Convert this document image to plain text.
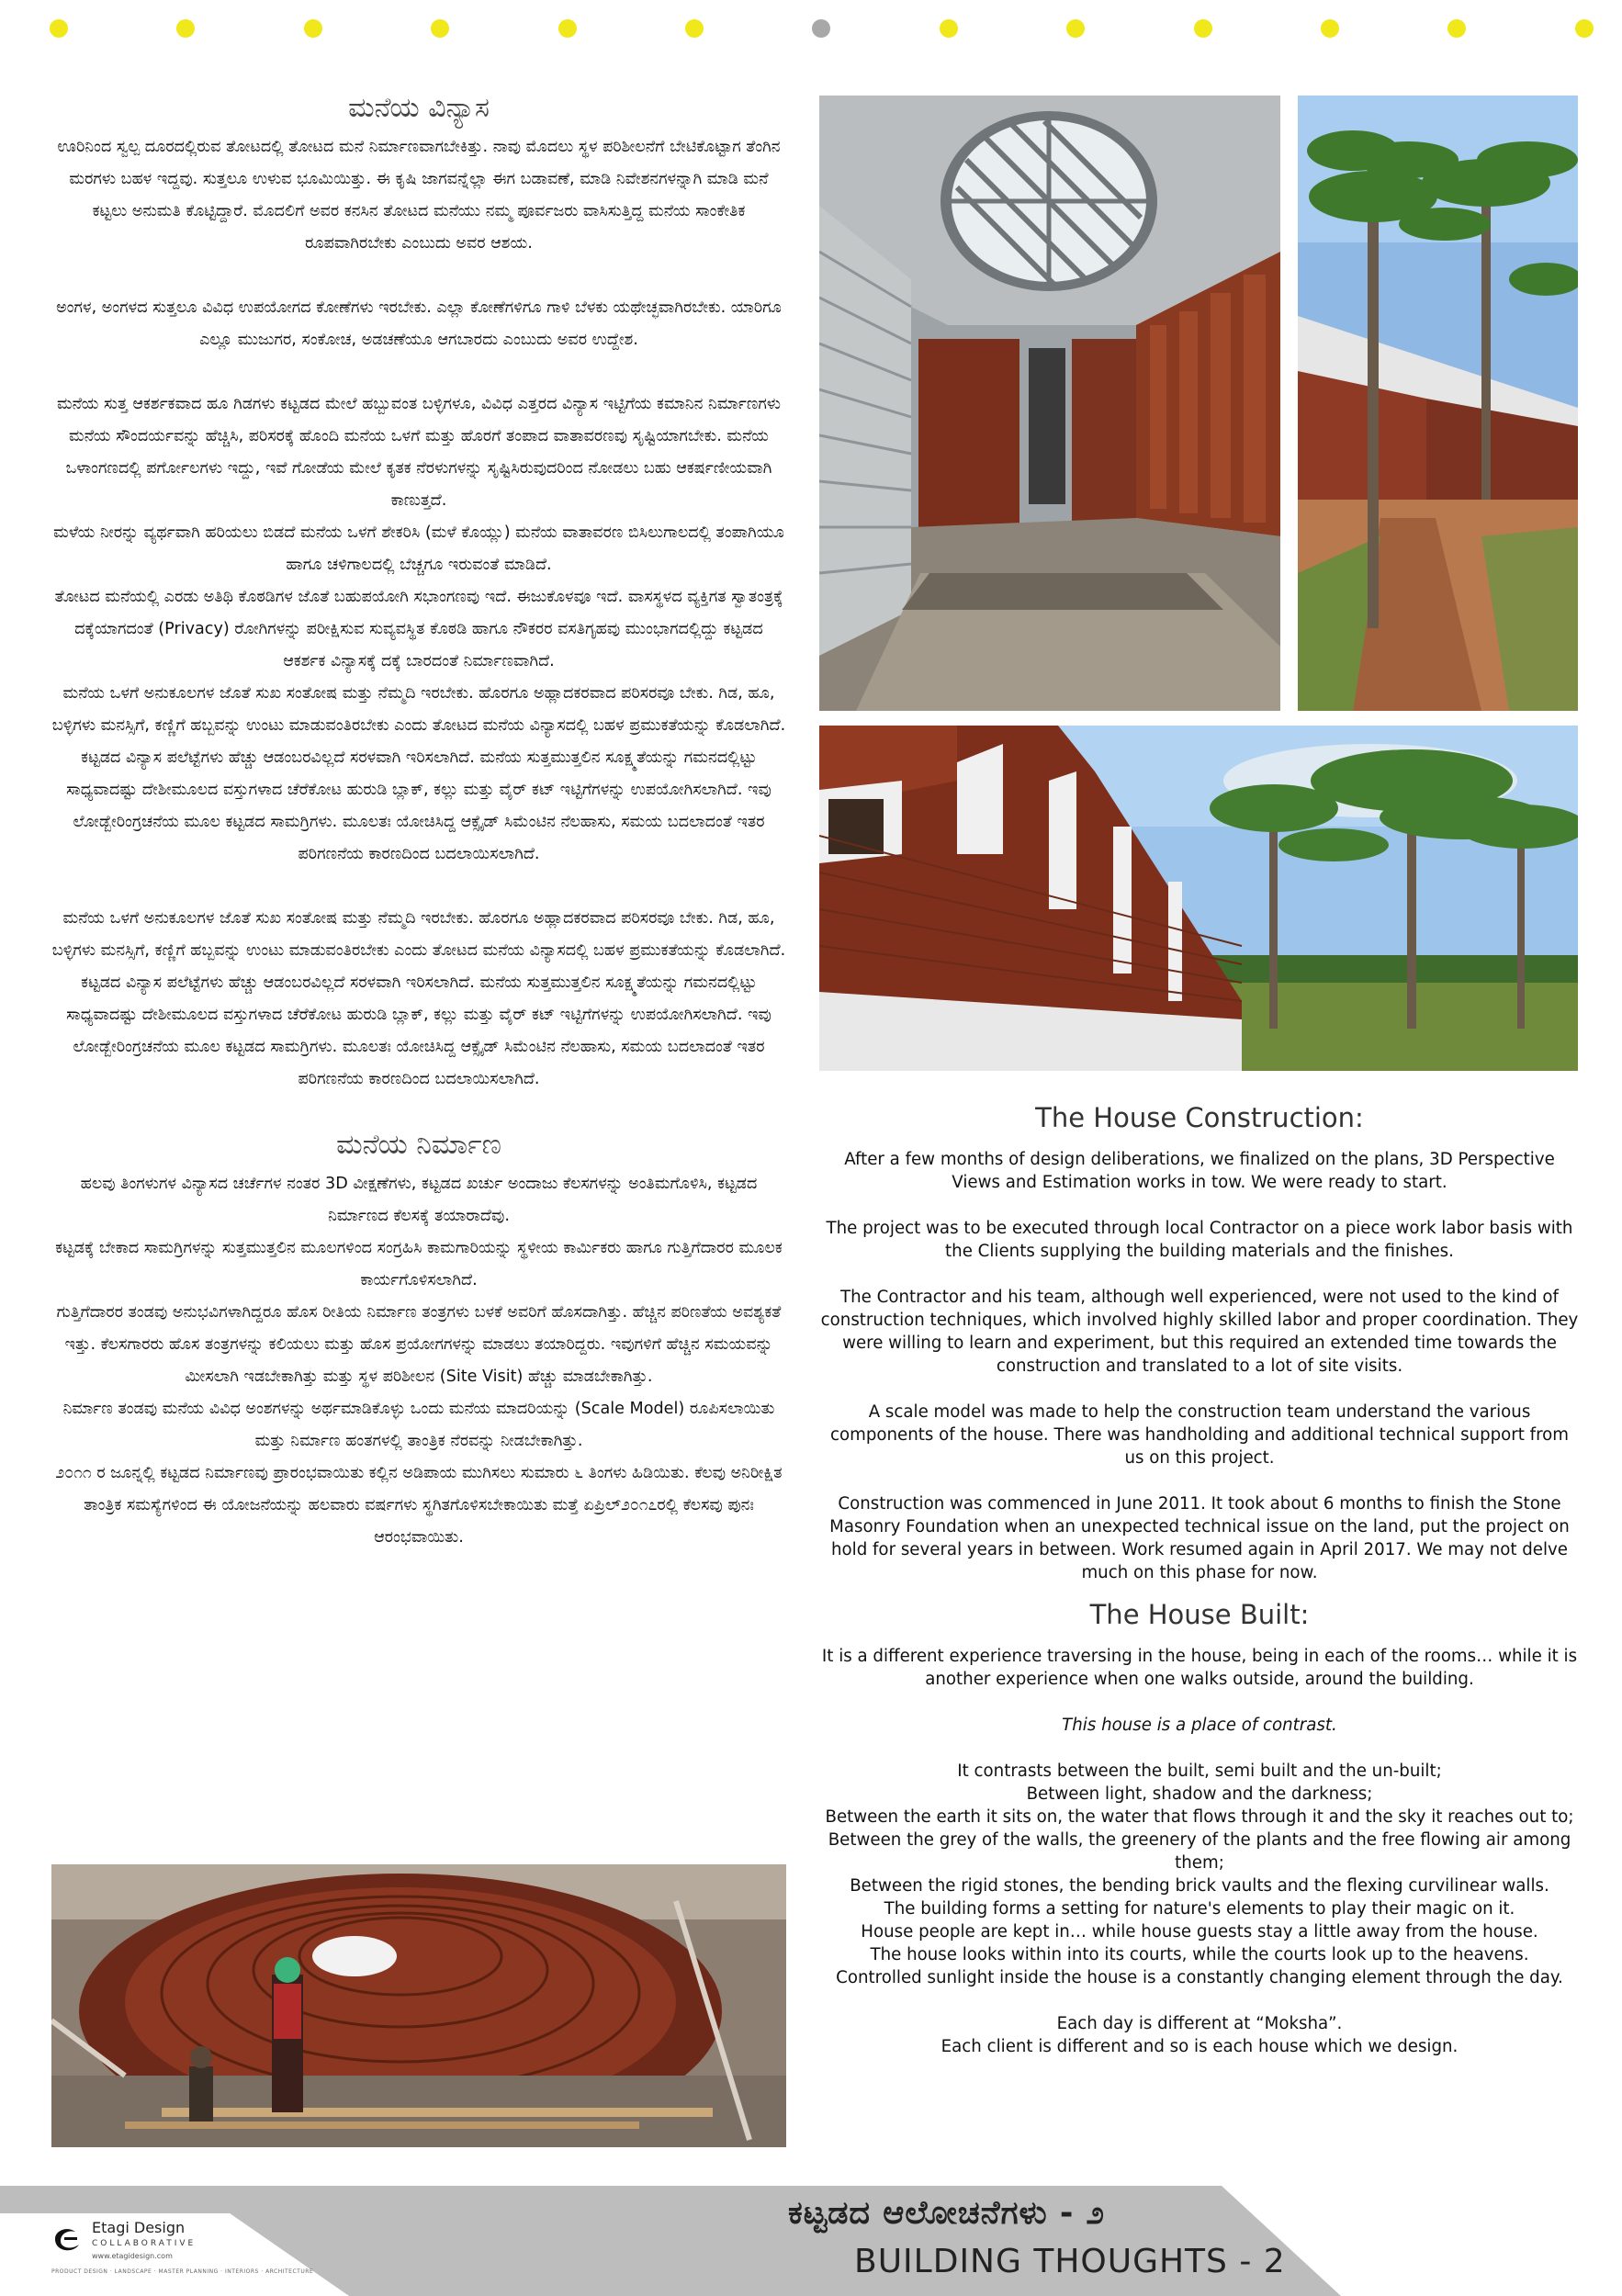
ಮನೆಯ ವಿನ್ಯಾಸ

ಊರಿನಿಂದ ಸ್ವಲ್ಪ ದೂರದಲ್ಲಿರುವ ತೋಟದಲ್ಲಿ ತೋಟದ ಮನೆ ನಿರ್ಮಾಣವಾಗಬೇಕಿತ್ತು. ನಾವು ಮೊದಲು ಸ್ಥಳ ಪರಿಶೀಲನೆಗೆ ಬೇಟಿಕೊಟ್ಟಾಗ ತೆಂಗಿನ ಮರಗಳು ಬಹಳ ಇದ್ದವು. ಸುತ್ತಲೂ ಉಳುವ ಭೂಮಿಯಿತ್ತು. ಈ ಕೃಷಿ ಜಾಗವನ್ನೆಲ್ಲಾ ಈಗ ಬಡಾವಣೆ, ಮಾಡಿ ನಿವೇಶನಗಳನ್ನಾಗಿ ಮಾಡಿ ಮನೆ ಕಟ್ಟಲು ಅನುಮತಿ ಕೊಟ್ಟಿದ್ದಾರೆ. ಮೊದಲಿಗೆ ಅವರ ಕನಸಿನ ತೋಟದ ಮನೆಯು ನಮ್ಮ ಪೂರ್ವಜರು ವಾಸಿಸುತ್ತಿದ್ದ ಮನೆಯ ಸಾಂಕೇತಿಕ ರೂಪವಾಗಿರಬೇಕು ಎಂಬುದು ಅವರ ಆಶಯ.

ಅಂಗಳ, ಅಂಗಳದ ಸುತ್ತಲೂ ವಿವಿಧ ಉಪಯೋಗದ ಕೋಣೆಗಳು ಇರಬೇಕು. ಎಲ್ಲಾ ಕೋಣೆಗಳಿಗೂ ಗಾಳಿ ಬೆಳಕು ಯಥೇಚ್ಛವಾಗಿರಬೇಕು. ಯಾರಿಗೂ ಎಲ್ಲೂ ಮುಜುಗರ, ಸಂಕೋಚ, ಅಡಚಣೆಯೂ ಆಗಬಾರದು ಎಂಬುದು ಅವರ ಉದ್ದೇಶ.

ಮನೆಯ ಸುತ್ತ ಆಕರ್ಶಕವಾದ ಹೂ ಗಿಡಗಳು ಕಟ್ಟಡದ ಮೇಲೆ ಹಬ್ಬುವಂತ ಬಳ್ಳಿಗಳೂ, ವಿವಿಧ ಎತ್ತರದ ವಿನ್ಯಾಸ ಇಟ್ಟಿಗೆಯ ಕಮಾನಿನ ನಿರ್ಮಾಣಗಳು ಮನೆಯ ಸೌಂದರ್ಯವನ್ನು ಹೆಚ್ಚಿಸಿ, ಪರಿಸರಕ್ಕೆ ಹೊಂದಿ ಮನೆಯ ಒಳಗೆ ಮತ್ತು ಹೊರಗೆ ತಂಪಾದ ವಾತಾವರಣವು ಸೃಷ್ಟಿಯಾಗಬೇಕು. ಮನೆಯ ಒಳಾಂಗಣದಲ್ಲಿ ಪರ್ಗೋಲಗಳು ಇದ್ದು, ಇವೆ ಗೋಡೆಯ ಮೇಲೆ ಕೃತಕ ನೆರಳುಗಳನ್ನು ಸೃಷ್ಟಿಸಿರುವುದರಿಂದ ನೋಡಲು ಬಹು ಆಕರ್ಷಣೀಯವಾಗಿ ಕಾಣುತ್ತದೆ.

ಮಳೆಯ ನೀರನ್ನು ವ್ಯರ್ಥವಾಗಿ ಹರಿಯಲು ಬಿಡದೆ ಮನೆಯ ಒಳಗೆ ಶೇಕರಿಸಿ (ಮಳೆ ಕೊಯ್ಲು) ಮನೆಯ ವಾತಾವರಣ ಬಿಸಿಲುಗಾಲದಲ್ಲಿ ತಂಪಾಗಿಯೂ ಹಾಗೂ ಚಳಿಗಾಲದಲ್ಲಿ ಬೆಚ್ಚಗೂ ಇರುವಂತೆ ಮಾಡಿದೆ.

ತೋಟದ ಮನೆಯಲ್ಲಿ ಎರಡು ಅತಿಥಿ ಕೊಠಡಿಗಳ ಜೊತೆ ಬಹುಪಯೋಗಿ ಸಭಾಂಗಣವು ಇದೆ. ಈಜುಕೊಳವೂ ಇದೆ. ವಾಸಸ್ಥಳದ ವ್ಯಕ್ತಿಗತ ಸ್ವಾತಂತ್ರಕ್ಕೆ ದಕ್ಕೆಯಾಗದಂತೆ (Privacy) ರೋಗಿಗಳನ್ನು ಪರೀಕ್ಷಿಸುವ ಸುವ್ಯವಸ್ಥಿತ ಕೊಠಡಿ ಹಾಗೂ ನೌಕರರ ವಸತಿಗೃಹವು ಮುಂಭಾಗದಲ್ಲಿದ್ದು ಕಟ್ಟಡದ ಆಕರ್ಶಕ ವಿನ್ಯಾಸಕ್ಕೆ ದಕ್ಕೆ ಬಾರದಂತೆ ನಿರ್ಮಾಣವಾಗಿದೆ.

ಮನೆಯ ಒಳಗೆ ಅನುಕೂಲಗಳ ಜೊತೆ ಸುಖ ಸಂತೋಷ ಮತ್ತು ನೆಮ್ಮದಿ ಇರಬೇಕು. ಹೊರಗೂ ಅಹ್ಲಾದಕರವಾದ ಪರಿಸರವೂ ಬೇಕು. ಗಿಡ, ಹೂ, ಬಳ್ಳಿಗಳು ಮನಸ್ಸಿಗೆ, ಕಣ್ಣಿಗೆ ಹಬ್ಬವನ್ನು ಉಂಟು ಮಾಡುವಂತಿರಬೇಕು ಎಂದು ತೋಟದ ಮನೆಯ ವಿನ್ಯಾಸದಲ್ಲಿ ಬಹಳ ಪ್ರಮುಕತೆಯನ್ನು ಕೊಡಲಾಗಿದೆ.

ಕಟ್ಟಡದ ವಿನ್ಯಾಸ ಪಲೆಟ್ಟೆಗಳು ಹೆಚ್ಚು ಆಡಂಬರವಿಲ್ಲದೆ ಸರಳವಾಗಿ ಇರಿಸಲಾಗಿದೆ. ಮನೆಯ ಸುತ್ತಮುತ್ತಲಿನ ಸೂಕ್ಷ್ಮತೆಯನ್ನು ಗಮನದಲ್ಲಿಟ್ಟು ಸಾಧ್ಯವಾದಷ್ಟು ದೇಶೀಮೂಲದ ವಸ್ತುಗಳಾದ ಚೆರೆಕೋಟ ಹುರುಡಿ ಬ್ಲಾಕ್, ಕಲ್ಲು ಮತ್ತು ವೈರ್ ಕಟ್ ಇಟ್ಟಿಗೆಗಳನ್ನು ಉಪಯೋಗಿಸಲಾಗಿದೆ. ಇವು ಲೋಡ್ಬೇರಿಂಗ್ರಚನೆಯ ಮೂಲ ಕಟ್ಟಡದ ಸಾಮಗ್ರಿಗಳು. ಮೂಲತಃ ಯೋಚಿಸಿದ್ದ ಆಕ್ಸೈಡ್ ಸಿಮೆಂಟಿನ ನೆಲಹಾಸು, ಸಮಯ ಬದಲಾದಂತೆ ಇತರ ಪರಿಗಣನೆಯ ಕಾರಣದಿಂದ ಬದಲಾಯಿಸಲಾಗಿದೆ.

ಮನೆಯ ಒಳಗೆ ಅನುಕೂಲಗಳ ಜೊತೆ ಸುಖ ಸಂತೋಷ ಮತ್ತು ನೆಮ್ಮದಿ ಇರಬೇಕು. ಹೊರಗೂ ಅಹ್ಲಾದಕರವಾದ ಪರಿಸರವೂ ಬೇಕು. ಗಿಡ, ಹೂ, ಬಳ್ಳಿಗಳು ಮನಸ್ಸಿಗೆ, ಕಣ್ಣಿಗೆ ಹಬ್ಬವನ್ನು ಉಂಟು ಮಾಡುವಂತಿರಬೇಕು ಎಂದು ತೋಟದ ಮನೆಯ ವಿನ್ಯಾಸದಲ್ಲಿ ಬಹಳ ಪ್ರಮುಕತೆಯನ್ನು ಕೊಡಲಾಗಿದೆ.

ಕಟ್ಟಡದ ವಿನ್ಯಾಸ ಪಲೆಟ್ಟೆಗಳು ಹೆಚ್ಚು ಆಡಂಬರವಿಲ್ಲದೆ ಸರಳವಾಗಿ ಇರಿಸಲಾಗಿದೆ. ಮನೆಯ ಸುತ್ತಮುತ್ತಲಿನ ಸೂಕ್ಷ್ಮತೆಯನ್ನು ಗಮನದಲ್ಲಿಟ್ಟು ಸಾಧ್ಯವಾದಷ್ಟು ದೇಶೀಮೂಲದ ವಸ್ತುಗಳಾದ ಚೆರೆಕೋಟ ಹುರುಡಿ ಬ್ಲಾಕ್, ಕಲ್ಲು ಮತ್ತು ವೈರ್ ಕಟ್ ಇಟ್ಟಿಗೆಗಳನ್ನು ಉಪಯೋಗಿಸಲಾಗಿದೆ. ಇವು ಲೋಡ್ಬೇರಿಂಗ್ರಚನೆಯ ಮೂಲ ಕಟ್ಟಡದ ಸಾಮಗ್ರಿಗಳು. ಮೂಲತಃ ಯೋಚಿಸಿದ್ದ ಆಕ್ಸೈಡ್ ಸಿಮೆಂಟಿನ ನೆಲಹಾಸು, ಸಮಯ ಬದಲಾದಂತೆ ಇತರ ಪರಿಗಣನೆಯ ಕಾರಣದಿಂದ ಬದಲಾಯಿಸಲಾಗಿದೆ.

ಮನೆಯ ನಿರ್ಮಾಣ

ಹಲವು ತಿಂಗಳುಗಳ ವಿನ್ಯಾಸದ ಚರ್ಚೆಗಳ ನಂತರ 3D ವೀಕ್ಷಣೆಗಳು, ಕಟ್ಟಡದ ಖರ್ಚು ಅಂದಾಜು ಕೆಲಸಗಳನ್ನು ಅಂತಿಮಗೊಳಿಸಿ, ಕಟ್ಟಡದ ನಿರ್ಮಾಣದ ಕೆಲಸಕ್ಕೆ ತಯಾರಾದೆವು.

ಕಟ್ಟಡಕ್ಕೆ ಬೇಕಾದ ಸಾಮಗ್ರಿಗಳನ್ನು ಸುತ್ತಮುತ್ತಲಿನ ಮೂಲಗಳಿಂದ ಸಂಗ್ರಹಿಸಿ ಕಾಮಗಾರಿಯನ್ನು ಸ್ಥಳೀಯ ಕಾರ್ಮಿಕರು ಹಾಗೂ ಗುತ್ತಿಗೆದಾರರ ಮೂಲಕ ಕಾರ್ಯಗೊಳಿಸಲಾಗಿದೆ.

ಗುತ್ತಿಗೆದಾರರ ತಂಡವು ಅನುಭವಿಗಳಾಗಿದ್ದರೂ ಹೊಸ ರೀತಿಯ ನಿರ್ಮಾಣ ತಂತ್ರಗಳು ಬಳಕೆ ಅವರಿಗೆ ಹೊಸದಾಗಿತ್ತು. ಹೆಚ್ಚಿನ ಪರಿಣತೆಯ ಅವಶ್ಯಕತೆ ಇತ್ತು. ಕೆಲಸಗಾರರು ಹೊಸ ತಂತ್ರಗಳನ್ನು ಕಲಿಯಲು ಮತ್ತು ಹೊಸ ಪ್ರಯೋಗಗಳನ್ನು ಮಾಡಲು ತಯಾರಿದ್ದರು. ಇವುಗಳಿಗೆ ಹೆಚ್ಚಿನ ಸಮಯವನ್ನು ಮೀಸಲಾಗಿ ಇಡಬೇಕಾಗಿತ್ತು ಮತ್ತು ಸ್ಥಳ ಪರಿಶೀಲನ (Site Visit) ಹೆಚ್ಚು ಮಾಡಬೇಕಾಗಿತ್ತು.

ನಿರ್ಮಾಣ ತಂಡವು ಮನೆಯ ವಿವಿಧ ಅಂಶಗಳನ್ನು ಅರ್ಥಮಾಡಿಕೊಳ್ಳು ಒಂದು ಮನೆಯ ಮಾದರಿಯನ್ನು (Scale Model) ರೂಪಿಸಲಾಯಿತು ಮತ್ತು ನಿರ್ಮಾಣ ಹಂತಗಳಲ್ಲಿ ತಾಂತ್ರಿಕ ನೆರವನ್ನು ನೀಡಬೇಕಾಗಿತ್ತು.

೨೦೧೧ ರ ಜೂನ್ನಲ್ಲಿ ಕಟ್ಟಡದ ನಿರ್ಮಾಣವು ಪ್ರಾರಂಭವಾಯಿತು ಕಲ್ಲಿನ ಅಡಿಪಾಯ ಮುಗಿಸಲು ಸುಮಾರು ೬ ತಿಂಗಳು ಹಿಡಿಯಿತು. ಕೆಲವು ಅನಿರೀಕ್ಷಿತ ತಾಂತ್ರಿಕ ಸಮಸ್ಯೆಗಳಿಂದ ಈ ಯೋಜನೆಯನ್ನು ಹಲವಾರು ವರ್ಷಗಳು ಸ್ಥಗಿತಗೊಳಿಸಬೇಕಾಯಿತು ಮತ್ತೆ ಏಪ್ರಿಲ್೨೦೧೭ರಲ್ಲಿ ಕೆಲಸವು ಪುನಃ ಆರಂಭವಾಯಿತು.

The House Construction:

After a few months of design deliberations, we finalized on the plans, 3D Perspective Views and Estimation works in tow. We were ready to start.

The project was to be executed through local Contractor on a piece work labor basis with the Clients supplying the building materials and the finishes.

The Contractor and his team, although well experienced, were not used to the kind of construction techniques, which involved highly skilled labor and proper coordination. They were willing to learn and experiment, but this required an extended time towards the construction and translated to a lot of site visits.

A scale model was made to help the construction team understand the various components of the house. There was handholding and additional technical support from us on this project.

Construction was commenced in June 2011. It took about 6 months to finish the Stone Masonry Foundation when an unexpected technical issue on the land, put the project on hold for several years in between. Work resumed again in April 2017. We may not delve much on this phase for now.

The House Built:

It is a different experience traversing in the house, being in each of the rooms… while it is another experience when one walks outside, around the building.

This house is a place of contrast.

It contrasts between the built, semi built and the un-built;

Between light, shadow and the darkness;

Between the earth it sits on, the water that flows through it and the sky it reaches out to;

Between the grey of the walls, the greenery of the plants and the free flowing air among them;

Between the rigid stones, the bending brick vaults and the flexing curvilinear walls.

The building forms a setting for nature's elements to play their magic on it.

House people are kept in… while house guests stay a little away from the house.

The house looks within into its courts, while the courts look up to the heavens.

Controlled sunlight inside the house is a constantly changing element through the day.

Each day is different at “Moksha”.

Each client is different and so is each house which we design.

ಕಟ್ಟಡದ ಆಲೋಚನೆಗಳು - ೨
BUILDING THOUGHTS - 2
Etagi Design
COLLABORATIVE
www.etagidesign.com
PRODUCT DESIGN · LANDSCAPE · MASTER PLANNING · INTERIORS · ARCHITECTURE
